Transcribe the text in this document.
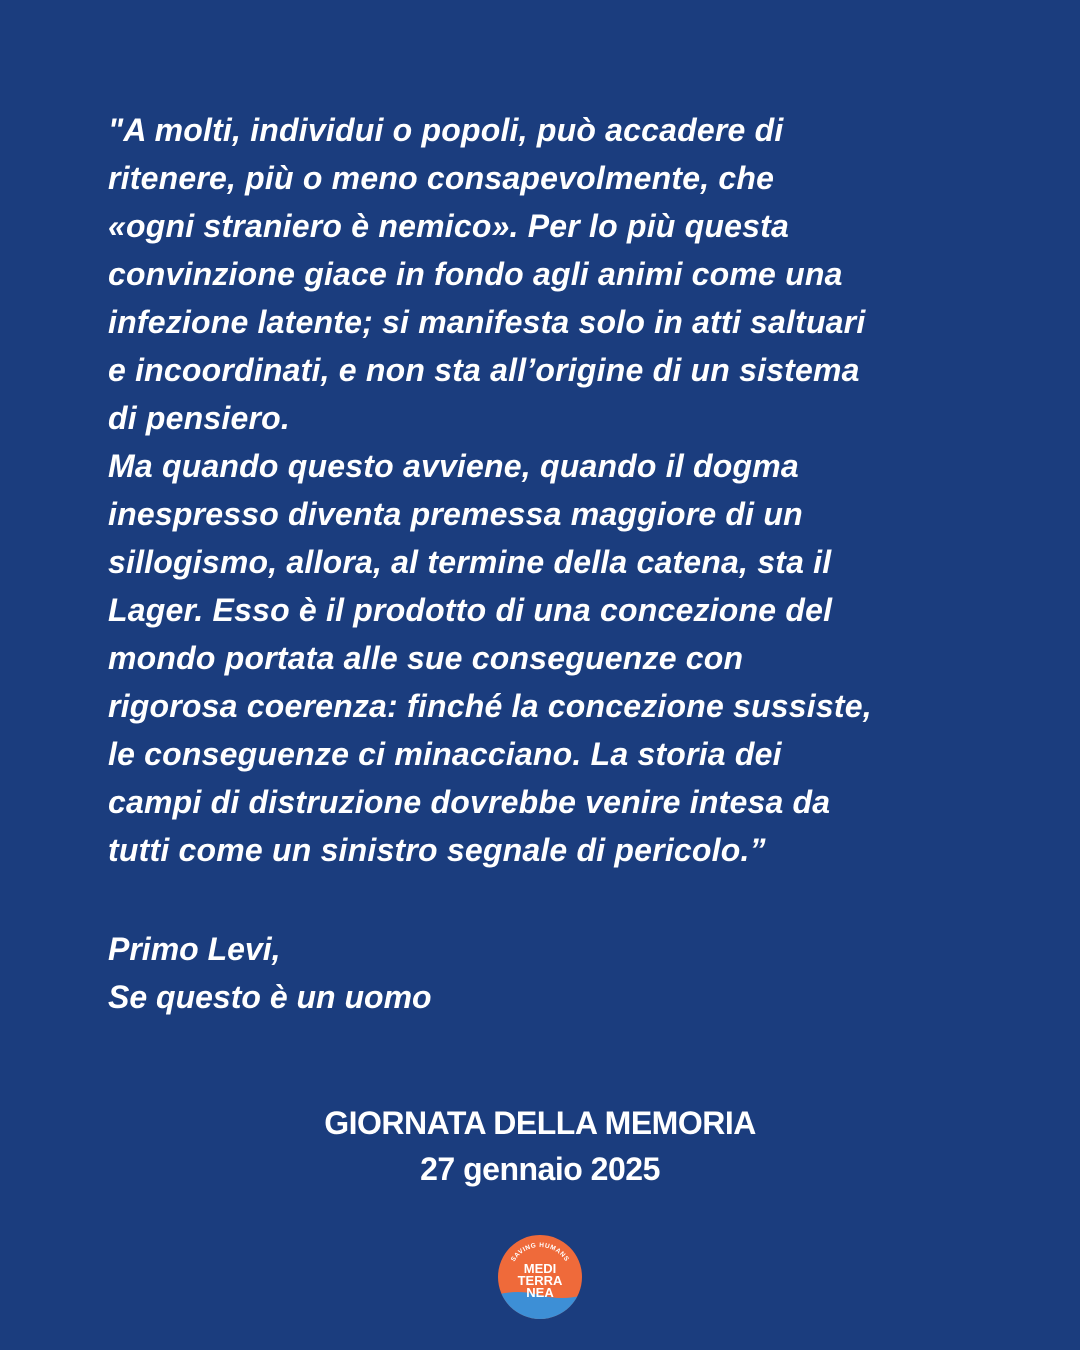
"A molti, individui o popoli, può accadere di
ritenere, più o meno consapevolmente, che
«ogni straniero è nemico». Per lo più questa
convinzione giace in fondo agli animi come una
infezione latente; si manifesta solo in atti saltuari
e incoordinati, e non sta all’origine di un sistema
di pensiero.
Ma quando questo avviene, quando il dogma
inespresso diventa premessa maggiore di un
sillogismo, allora, al termine della catena, sta il
Lager. Esso è il prodotto di una concezione del
mondo portata alle sue conseguenze con
rigorosa coerenza: finché la concezione sussiste,
le conseguenze ci minacciano. La storia dei
campi di distruzione dovrebbe venire intesa da
tutti come un sinistro segnale di pericolo.”
Primo Levi,
Se questo è un uomo
GIORNATA DELLA MEMORIA
27 gennaio 2025
SAVING HUMANS
MEDI
TERRA
NEA
